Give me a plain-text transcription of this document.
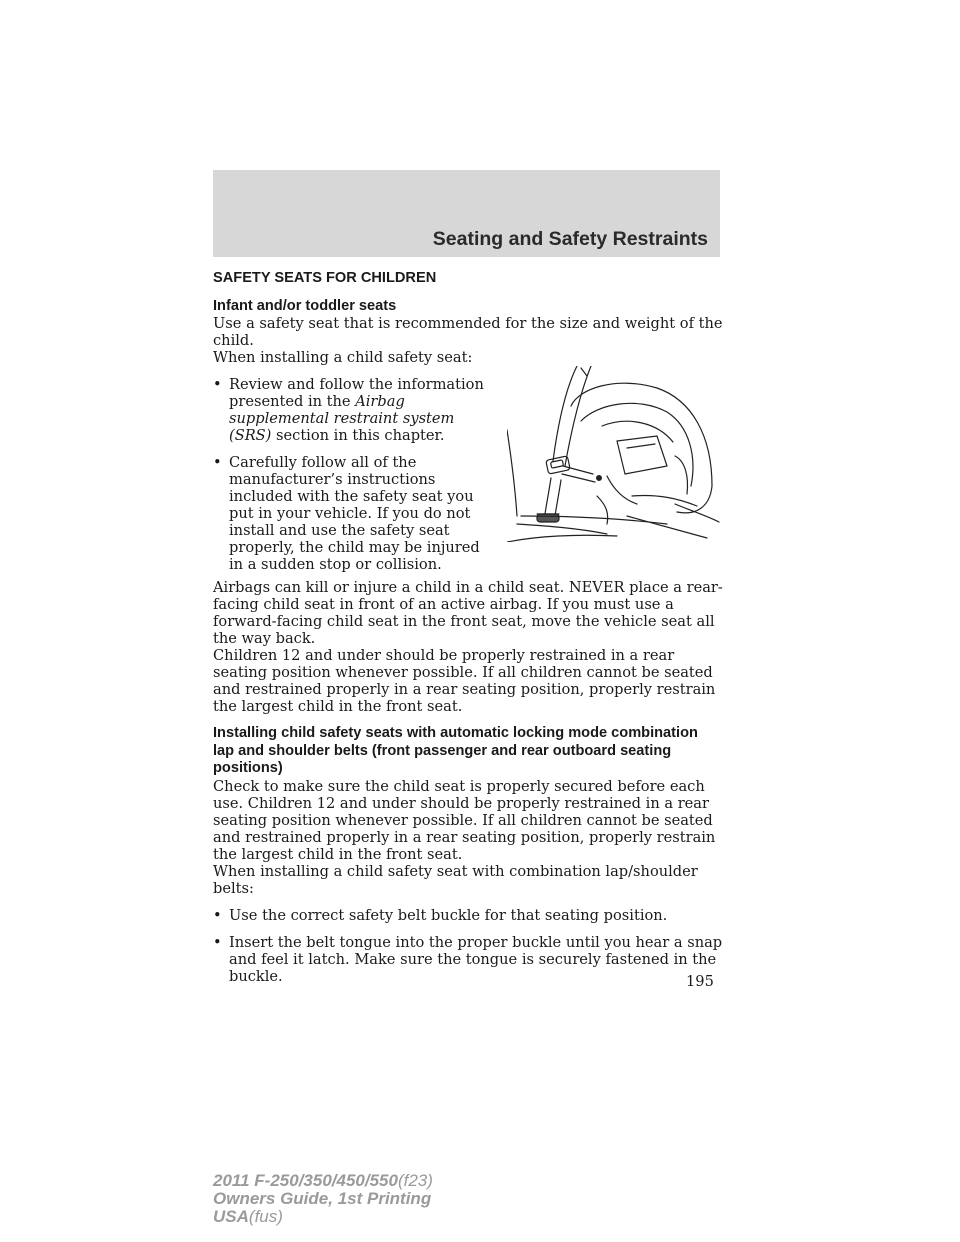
Seating and Safety Restraints
SAFETY SEATS FOR CHILDREN
Infant and/or toddler seats

Use a safety seat that is recommended for the size and weight of the child.

When installing a child safety seat:

• Review and follow the information presented in the Airbag supplemental restraint system (SRS) section in this chapter.
• Carefully follow all of the manufacturer’s instructions included with the safety seat you put in your vehicle. If you do not install and use the safety seat properly, the child may be injured in a sudden stop or collision.

Airbags can kill or injure a child in a child seat. NEVER place a rear-facing child seat in front of an active airbag. If you must use a forward-facing child seat in the front seat, move the vehicle seat all the way back.

Children 12 and under should be properly restrained in a rear seating position whenever possible. If all children cannot be seated and restrained properly in a rear seating position, properly restrain the largest child in the front seat.

Installing child safety seats with automatic locking mode combination lap and shoulder belts (front passenger and rear outboard seating positions)

Check to make sure the child seat is properly secured before each use. Children 12 and under should be properly restrained in a rear seating position whenever possible. If all children cannot be seated and restrained properly in a rear seating position, properly restrain the largest child in the front seat.

When installing a child safety seat with combination lap/shoulder belts:

• Use the correct safety belt buckle for that seating position.
• Insert the belt tongue into the proper buckle until you hear a snap and feel it latch. Make sure the tongue is securely fastened in the buckle.	195
2011 F-250/350/450/550(f23)
Owners Guide, 1st Printing
USA(fus)
